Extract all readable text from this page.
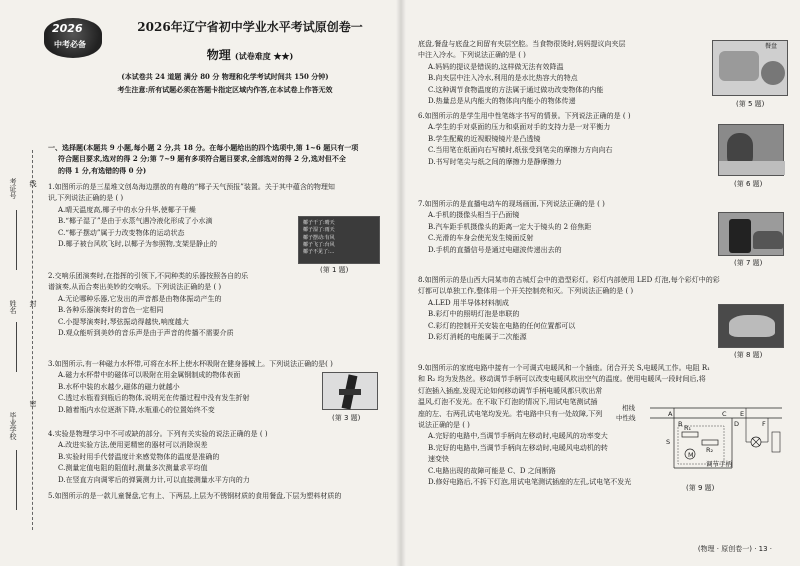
考证号
姓名
毕业学校
线
封
密
2026
中考必备
2026年辽宁省初中学业水平考试原创卷一
物理 (试卷难度 ★★)
(本试卷共 24 道题 满分 80 分 物理和化学考试时间共 150 分钟)
考生注意:所有试题必须在答题卡指定区域内作答,在本试卷上作答无效
一、选择题(本题共 9 小题,每小题 2 分,共 18 分。在每小题给出的四个选项中,第 1~6 题只有一项
符合题目要求,选对的得 2 分;第 7~9 题有多项符合题目要求,全部选对的得 2 分,选对但不全
的得 1 分,有选错的得 0 分)
1.如图所示的是三星堆文创岛海边摆放的有趣的“椰子天气预报”装置。关于其中蕴含的物理知
识,下列说法正确的是 ( )
A.晴天温度高,椰子中的水分升华,使椰子干燥
B.“椰子湿了”是由于水蒸气遇冷液化形成了小水滴
C.“椰子摆动”属于力改变物体的运动状态
D.椰子被台风吹飞时,以椰子为参照物,支架是静止的
椰子干了:晴天
椰子湿了:雨天
椰子摆动:有风
椰子飞了:台风
椰子不见了:...
(第 1 题)
2.交响乐团演奏时,在指挥的引领下,不同种类的乐器按照各自的乐
谱演奏,从而合奏出美妙的交响乐。下列说法正确的是 ( )
A.无论哪种乐器,它发出的声音都是由物体振动产生的
B.各种乐器演奏时的音色一定相同
C.小提琴演奏时,琴弦振动得越快,响度越大
D.观众能听到美妙的音乐声是由于声音的传播不需要介质
3.如图所示,有一种磁力水杯带,可将在水杯上使水杯吸附在健身器械上。下列说法正确的是( )
A.磁力水杯带中的磁体可以吸附在用金属钢制成的物体表面
B.水杯中装的水越少,磁体的磁力就越小
C.透过水瓶看到瓶后的物体,说明光在传播过程中没有发生折射
D.随着瓶内水位逐渐下降,水瓶重心的位置始终不变
(第 3 题)
4.实验是物理学习中不可或缺的部分。下列有关实验的说法正确的是 ( )
A.改进实验方法,使用更精密的器材可以消除误差
B.实验时用手代替温度计来感觉物体的温度是准确的
C.测量定值电阻的阻值时,测量多次测量求平均值
D.在竖直方向调零后的弹簧测力计,可以直接测量水平方向的力
5.如图所示的是一款儿童餐盘,它有上、下两层,上层为不锈钢材质的食用餐盘,下层为塑料材质的
底盘,餐盘与底盘之间留有夹层空腔。当食物很烫时,妈妈提议向夹层
中注入冷水。下列说法正确的是 ( )
A.妈妈的提议是错误的,这样做无法有效降温
B.向夹层中注入冷水,利用的是水比热容大的特点
C.这种调节食物温度的方法属于通过做功改变物体的内能
D.热量总是从内能大的物体向内能小的物体传递
餐盘
(第 5 题)
6.如图所示的是学生用中性笔练字书写的情景。下列说法正确的是 ( )
A.学生的手对桌面的压力和桌面对手的支持力是一对平衡力
B.学生配戴的近视眼镜镜片是凸透镜
C.当用笔在纸面向右写横时,纸张受到笔尖的摩擦力方向向右
D.书写时笔尖与纸之间的摩擦力是静摩擦力
(第 6 题)
7.如图所示的是直播电动车的现场画面,下列说法正确的是 ( )
A.手机的摄像头相当于凸面镜
B.汽车距手机摄像头的距离一定大于镜头的 2 倍焦距
C.光滑的车身会使光发生镜面反射
D.手机的直播信号是通过电磁波传递出去的
(第 7 题)
8.如图所示的是山西大同某市的古城灯会中的造型彩灯。彩灯内部使用 LED 灯泡,每个彩灯中的彩
灯都可以单独工作,整体用一个开关控制亮和灭。下列说法正确的是 ( )
A.LED 用半导体材料制成
B.彩灯中的照明灯泡是串联的
C.彩灯的控制开关安装在电路的任何位置都可以
D.彩灯消耗的电能属于二次能源
(第 8 题)
9.如图所示的家庭电路中接有一个可调式电暖风和一个插座。闭合开关 S,电暖风工作。电阻 R₁
和 R₂ 均为发热丝。移动调节手柄可以改变电暖风吹出空气的温度。使用电暖风一段时间后,将
灯泡插入插座,发现无论如何移动调节手柄电暖风都只吹出常
温风,灯泡不发光。在不取下灯泡的情况下,用试电笔测试插
座的左、右两孔试电笔均发光。若电路中只有一处故障,下列
说法正确的是 ( )
A.完好的电路中,当调节手柄向左移动时,电暖风的功率变大
B.完好的电路中,当调节手柄向左移动时,电暖风电动机的转
速变快
C.电路出现的故障可能是 C、D 之间断路
D.修好电路后,不拆下灯泡,用试电笔测试插座的左孔,试电笔不发光
相线
中性线	A
B
C
D
E
F
S
R₁
R₂
M
调节手柄
(第 9 题)
(物理 · 原创卷一) · 13 ·
